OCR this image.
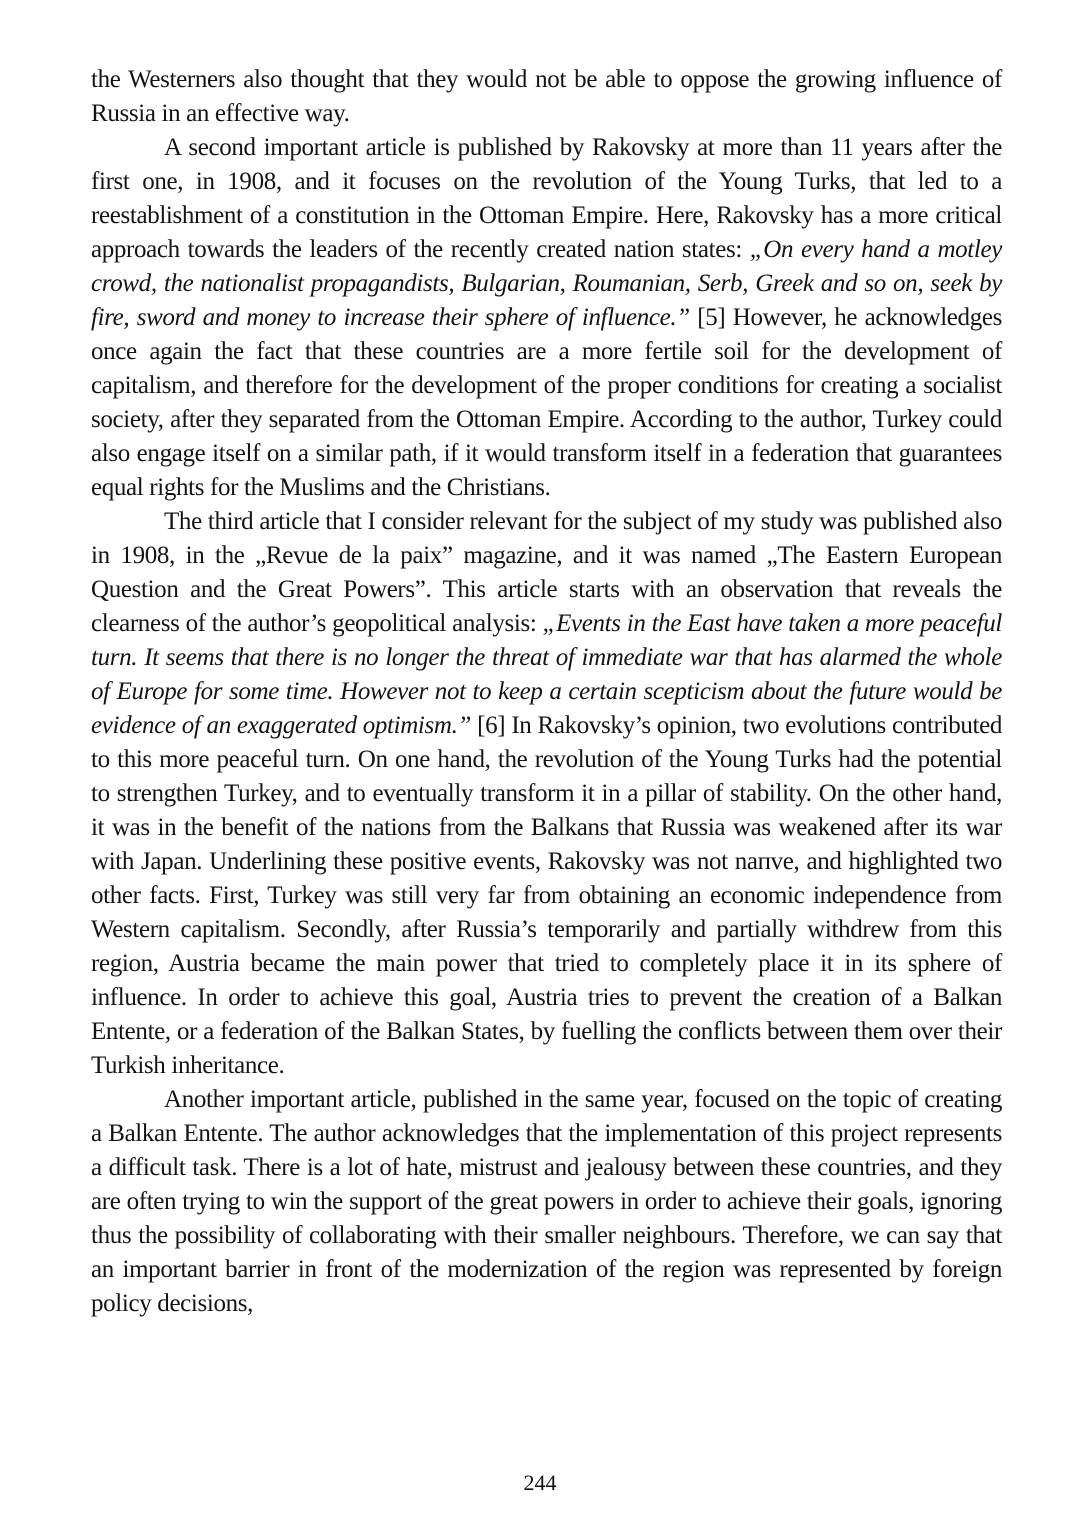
the Westerners also thought that they would not be able to oppose the growing influence of Russia in an effective way.

A second important article is published by Rakovsky at more than 11 years after the first one, in 1908, and it focuses on the revolution of the Young Turks, that led to a reestablishment of a constitution in the Ottoman Empire. Here, Rakovsky has a more critical approach towards the leaders of the recently created nation states: „On every hand a motley crowd, the nationalist propagandists, Bulgarian, Roumanian, Serb, Greek and so on, seek by fire, sword and money to increase their sphere of influence.” [5] However, he acknowledges once again the fact that these countries are a more fertile soil for the development of capitalism, and therefore for the development of the proper conditions for creating a socialist society, after they separated from the Ottoman Empire. According to the author, Turkey could also engage itself on a similar path, if it would transform itself in a federation that guarantees equal rights for the Muslims and the Christians.

The third article that I consider relevant for the subject of my study was published also in 1908, in the „Revue de la paix” magazine, and it was named „The Eastern European Question and the Great Powers”. This article starts with an observation that reveals the clearness of the author’s geopolitical analysis: „Events in the East have taken a more peaceful turn. It seems that there is no longer the threat of immediate war that has alarmed the whole of Europe for some time. However not to keep a certain scepticism about the future would be evidence of an exaggerated optimism.” [6] In Rakovsky’s opinion, two evolutions contributed to this more peaceful turn. On one hand, the revolution of the Young Turks had the potential to strengthen Turkey, and to eventually transform it in a pillar of stability. On the other hand, it was in the benefit of the nations from the Balkans that Russia was weakened after its war with Japan. Underlining these positive events, Rakovsky was not naпve, and highlighted two other facts. First, Turkey was still very far from obtaining an economic independence from Western capitalism. Secondly, after Russia’s temporarily and partially withdrew from this region, Austria became the main power that tried to completely place it in its sphere of influence. In order to achieve this goal, Austria tries to prevent the creation of a Balkan Entente, or a federation of the Balkan States, by fuelling the conflicts between them over their Turkish inheritance.

Another important article, published in the same year, focused on the topic of creating a Balkan Entente. The author acknowledges that the implementation of this project represents a difficult task. There is a lot of hate, mistrust and jealousy between these countries, and they are often trying to win the support of the great powers in order to achieve their goals, ignoring thus the possibility of collaborating with their smaller neighbours. Therefore, we can say that an important barrier in front of the modernization of the region was represented by foreign policy decisions,

244
